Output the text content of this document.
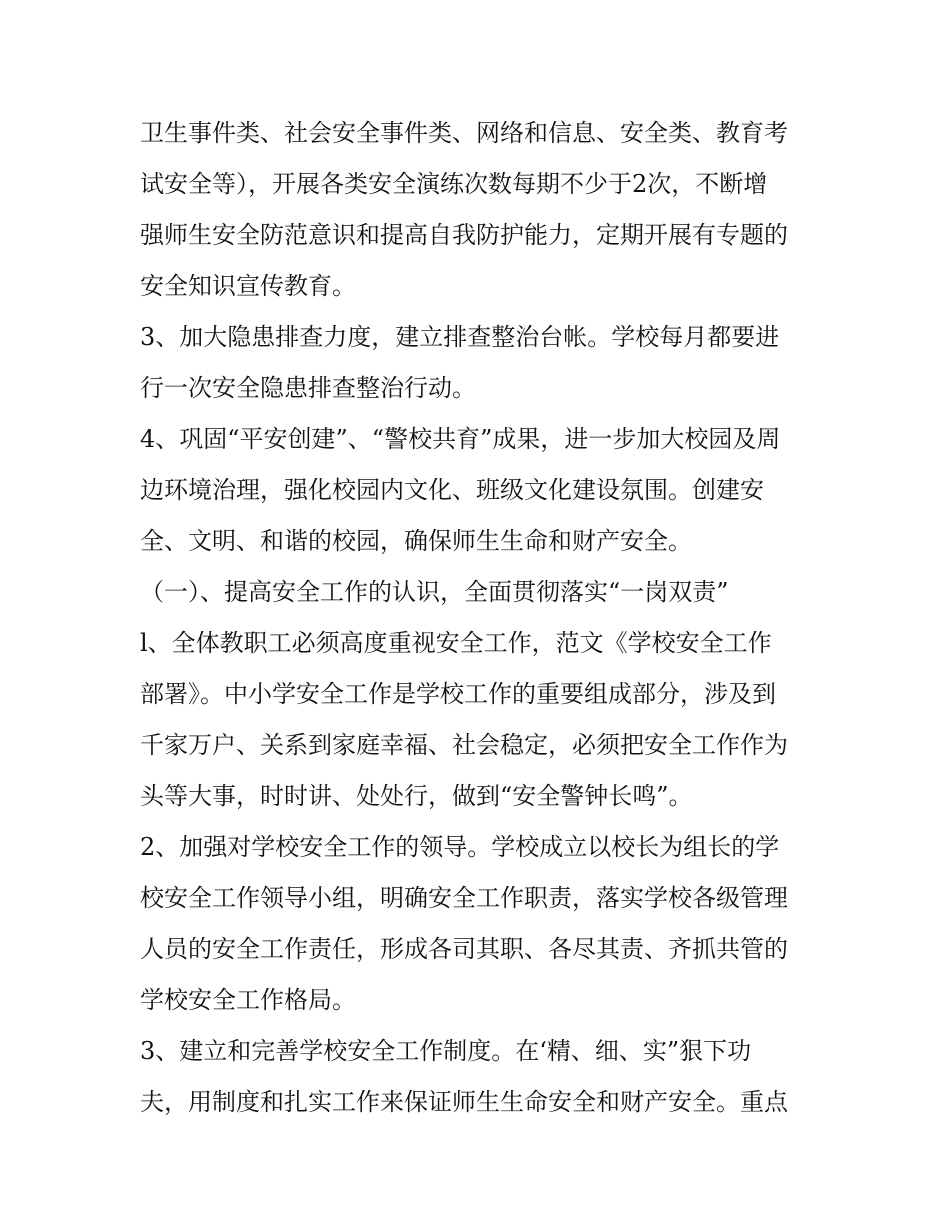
卫生事件类、社会安全事件类、网络和信息、安全类、教育考
试安全等），开展各类安全演练次数每期不少于2次，不断增
强师生安全防范意识和提高自我防护能力，定期开展有专题的
安全知识宣传教育。
3、加大隐患排查力度，建立排查整治台帐。学校每月都要进
行一次安全隐患排查整治行动。
4、巩固“平安创建”、“警校共育”成果，进一步加大校园及周
边环境治理，强化校园内文化、班级文化建设氛围。创建安
全、文明、和谐的校园，确保师生生命和财产安全。
（一）、提高安全工作的认识，全面贯彻落实“一岗双责”
l、全体教职工必须高度重视安全工作，范文《学校安全工作
部署》。中小学安全工作是学校工作的重要组成部分，涉及到
千家万户、关系到家庭幸福、社会稳定，必须把安全工作作为
头等大事，时时讲、处处行，做到“安全警钟长鸣”。
2、加强对学校安全工作的领导。学校成立以校长为组长的学
校安全工作领导小组，明确安全工作职责，落实学校各级管理
人员的安全工作责任，形成各司其职、各尽其责、齐抓共管的
学校安全工作格局。
3、建立和完善学校安全工作制度。在‘精、细、实”狠下功
夫，用制度和扎实工作来保证师生生命安全和财产安全。重点
